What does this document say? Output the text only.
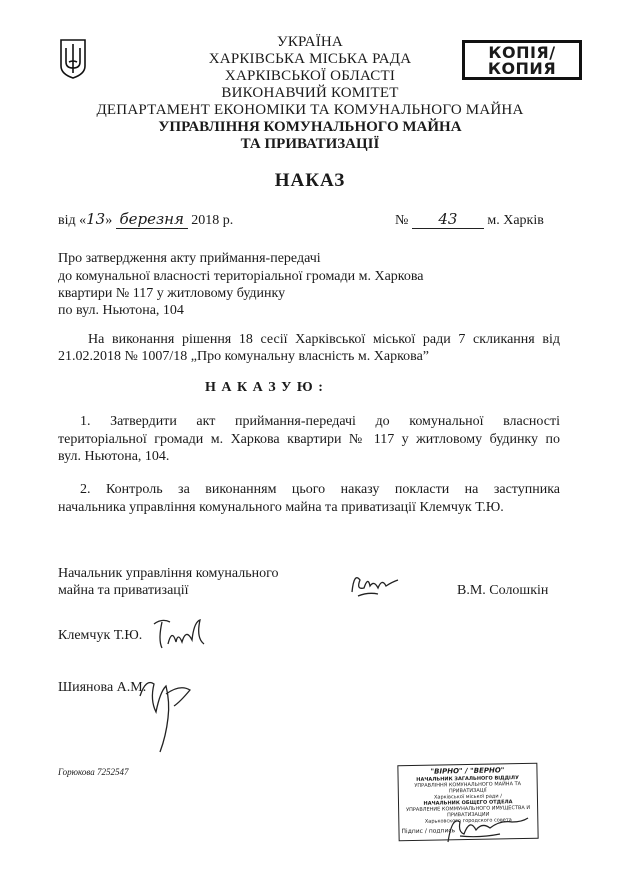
КОПІЯ/
КОПИЯ
УКРАЇНА
ХАРКІВСЬКА МІСЬКА РАДА
ХАРКІВСЬКОЇ ОБЛАСТІ
ВИКОНАВЧИЙ КОМІТЕТ
ДЕПАРТАМЕНТ ЕКОНОМІКИ ТА КОМУНАЛЬНОГО МАЙНА
УПРАВЛІННЯ КОМУНАЛЬНОГО МАЙНА
ТА ПРИВАТИЗАЦІЇ
НАКАЗ
від «13» березня 2018 р.	№ 43 м. Харків
Про затвердження акту приймання-передачі
до комунальної власності територіальної громади м. Харкова
квартири № 117 у житловому будинку
по вул. Ньютона, 104
На виконання рішення 18 сесії Харківської міської ради 7 скликання від
21.02.2018 № 1007/18 „Про комунальну власність м. Харкова”
Н А К А З У Ю :
1. Затвердити акт приймання-передачі до комунальної власності
територіальної громади м. Харкова квартири № 117 у житловому будинку по
вул. Ньютона, 104.
2. Контроль за виконанням цього наказу покласти на заступника
начальника управління комунального майна та приватизації Клемчук Т.Ю.
Начальник управління комунального
майна та приватизації	В.М. Солошкін
Клемчук Т.Ю.
Шиянова А.М.
Горюкова 7252547	"ВІРНО" / "ВЕРНО"
НАЧАЛЬНИК ЗАГАЛЬНОГО ВІДДІЛУ
УПРАВЛІННЯ КОМУНАЛЬНОГО МАЙНА ТА ПРИВАТИЗАЦІЇ
Харківської міської ради /
НАЧАЛЬНИК ОБЩЕГО ОТДЕЛА
УПРАВЛЕНИЕ КОММУНАЛЬНОГО ИМУЩЕСТВА И ПРИВАТИЗАЦИИ
Харьковского городского совета
Підпис / подпись
